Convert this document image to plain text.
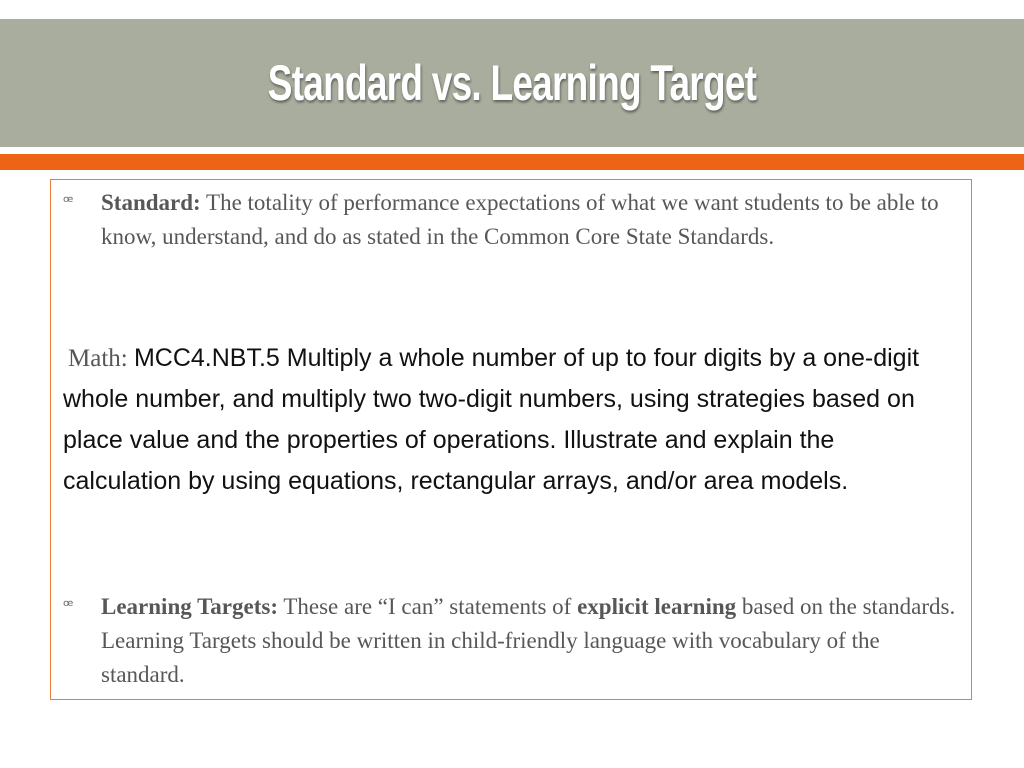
Standard vs. Learning Target
ꟹ	Standard: The totality of performance expectations of what we want students to be able to know, understand, and do as stated in the Common Core State Standards.
Math: MCC4.NBT.5 Multiply a whole number of up to four digits by a one-digit whole number, and multiply two two-digit numbers, using strategies based on place value and the properties of operations. Illustrate and explain the calculation by using equations, rectangular arrays, and/or area models.
ꟹ	Learning Targets: These are “I can” statements of explicit learning based on the standards. Learning Targets should be written in child-friendly language with vocabulary of the standard.
